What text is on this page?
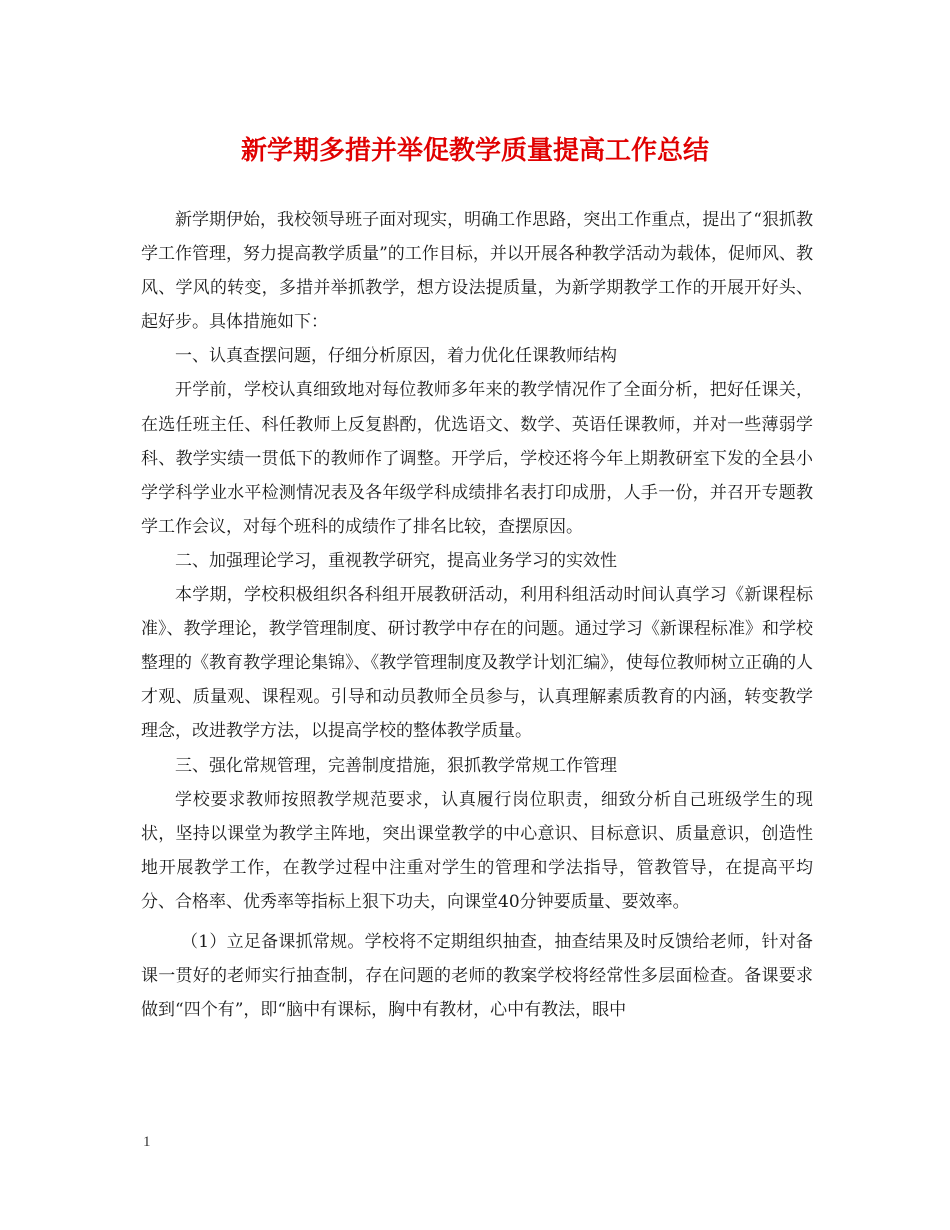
新学期多措并举促教学质量提高工作总结

新学期伊始，我校领导班子面对现实，明确工作思路，突出工作重点，提出了“狠抓教学工作管理，努力提高教学质量”的工作目标，并以开展各种教学活动为载体，促师风、教风、学风的转变，多措并举抓教学，想方设法提质量，为新学期教学工作的开展开好头、起好步。具体措施如下：

一、认真查摆问题，仔细分析原因，着力优化任课教师结构

开学前，学校认真细致地对每位教师多年来的教学情况作了全面分析，把好任课关，在选任班主任、科任教师上反复斟酌，优选语文、数学、英语任课教师，并对一些薄弱学科、教学实绩一贯低下的教师作了调整。开学后，学校还将今年上期教研室下发的全县小学学科学业水平检测情况表及各年级学科成绩排名表打印成册，人手一份，并召开专题教学工作会议，对每个班科的成绩作了排名比较，查摆原因。

二、加强理论学习，重视教学研究，提高业务学习的实效性

本学期，学校积极组织各科组开展教研活动，利用科组活动时间认真学习《新课程标准》、教学理论，教学管理制度、研讨教学中存在的问题。通过学习《新课程标准》和学校整理的《教育教学理论集锦》、《教学管理制度及教学计划汇编》，使每位教师树立正确的人才观、质量观、课程观。引导和动员教师全员参与，认真理解素质教育的内涵，转变教学理念，改进教学方法，以提高学校的整体教学质量。

三、强化常规管理，完善制度措施，狠抓教学常规工作管理

学校要求教师按照教学规范要求，认真履行岗位职责，细致分析自己班级学生的现状，坚持以课堂为教学主阵地，突出课堂教学的中心意识、目标意识、质量意识，创造性地开展教学工作，在教学过程中注重对学生的管理和学法指导，管教管导，在提高平均分、合格率、优秀率等指标上狠下功夫，向课堂40分钟要质量、要效率。

（1）立足备课抓常规。学校将不定期组织抽查，抽查结果及时反馈给老师，针对备课一贯好的老师实行抽查制，存在问题的老师的教案学校将经常性多层面检查。备课要求做到“四个有”，即“脑中有课标，胸中有教材，心中有教法，眼中

1
